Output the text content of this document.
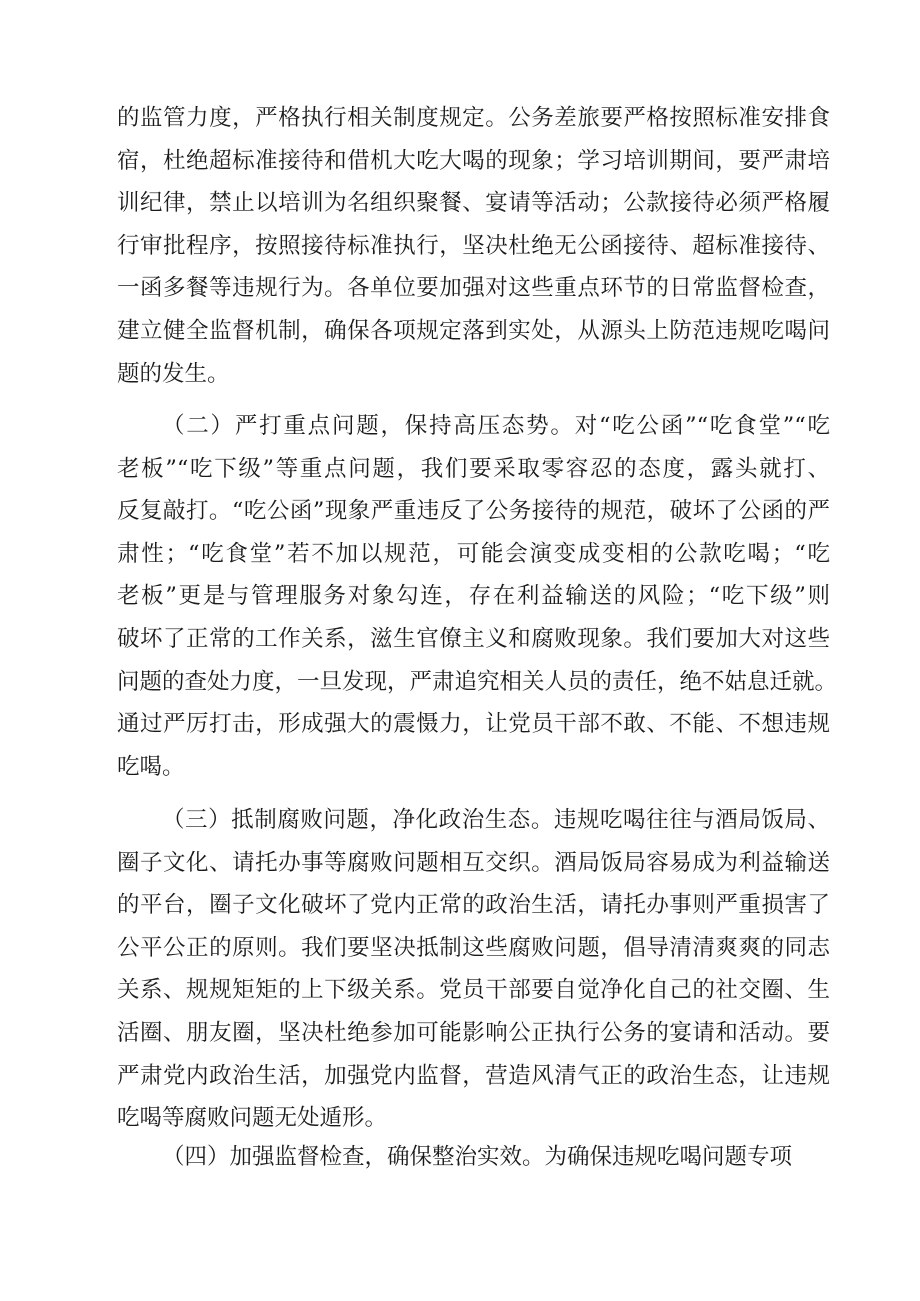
的监管力度，严格执行相关制度规定。公务差旅要严格按照标准安排食
宿，杜绝超标准接待和借机大吃大喝的现象；学习培训期间，要严肃培
训纪律，禁止以培训为名组织聚餐、宴请等活动；公款接待必须严格履
行审批程序，按照接待标准执行，坚决杜绝无公函接待、超标准接待、
一函多餐等违规行为。各单位要加强对这些重点环节的日常监督检查，
建立健全监督机制，确保各项规定落到实处，从源头上防范违规吃喝问
题的发生。
（二）严打重点问题，保持高压态势。对“吃公函”“吃食堂”“吃
老板”“吃下级”等重点问题，我们要采取零容忍的态度，露头就打、
反复敲打。“吃公函”现象严重违反了公务接待的规范，破坏了公函的严
肃性；“吃食堂”若不加以规范，可能会演变成变相的公款吃喝；“吃
老板”更是与管理服务对象勾连，存在利益输送的风险；“吃下级”则
破坏了正常的工作关系，滋生官僚主义和腐败现象。我们要加大对这些
问题的查处力度，一旦发现，严肃追究相关人员的责任，绝不姑息迁就。
通过严厉打击，形成强大的震慑力，让党员干部不敢、不能、不想违规
吃喝。
（三）抵制腐败问题，净化政治生态。违规吃喝往往与酒局饭局、
圈子文化、请托办事等腐败问题相互交织。酒局饭局容易成为利益输送
的平台，圈子文化破坏了党内正常的政治生活，请托办事则严重损害了
公平公正的原则。我们要坚决抵制这些腐败问题，倡导清清爽爽的同志
关系、规规矩矩的上下级关系。党员干部要自觉净化自己的社交圈、生
活圈、朋友圈，坚决杜绝参加可能影响公正执行公务的宴请和活动。要
严肃党内政治生活，加强党内监督，营造风清气正的政治生态，让违规
吃喝等腐败问题无处遁形。
（四）加强监督检查，确保整治实效。为确保违规吃喝问题专项
